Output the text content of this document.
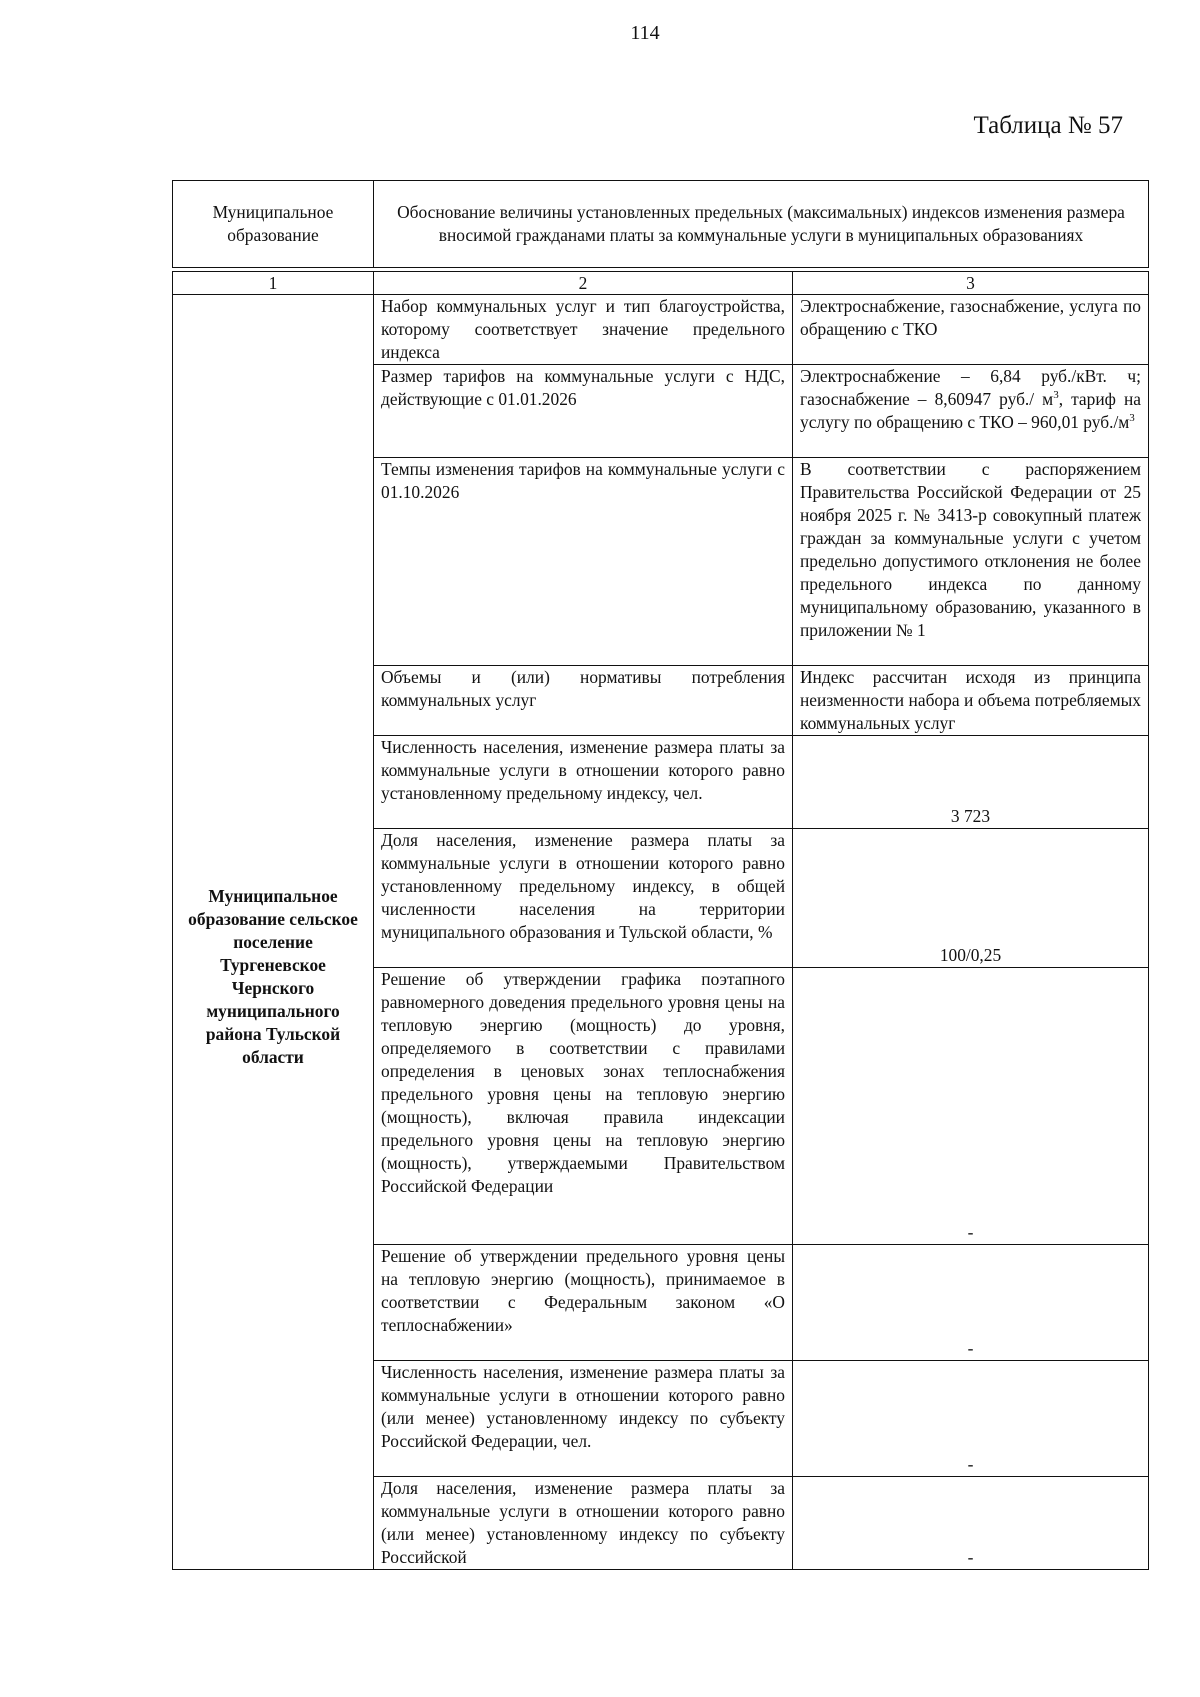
114
Таблица № 57
Муниципальное образование	Обоснование величины установленных предельных (максимальных) индексов изменения размера вносимой гражданами платы за коммунальные услуги в муниципальных образованиях
1	2	3
Муниципальное образование сельское поселение Тургеневское Чернского муниципального района Тульской области	Набор коммунальных услуг и тип благоустройства, которому соответствует значение предельного индекса	Электроснабжение, газоснабжение, услуга по обращению с ТКО
	Размер тарифов на коммунальные услуги с НДС, действующие с 01.01.2026	Электроснабжение – 6,84 руб./кВт. ч; газоснабжение – 8,60947 руб./ $м^3$, тариф на услугу по обращению с ТКО – 960,01 $руб./м^3$
	Темпы изменения тарифов на коммунальные услуги с 01.10.2026	В соответствии с распоряжением Правительства Российской Федерации от 25 ноября 2025 г. № 3413-р совокупный платеж граждан за коммунальные услуги с учетом предельно допустимого отклонения не более предельного индекса по данному муниципальному образованию, указанного в приложении № 1
	Объемы и (или) нормативы потребления коммунальных услуг	Индекс рассчитан исходя из принципа неизменности набора и объема потребляемых коммунальных услуг
	Численность населения, изменение размера платы за коммунальные услуги в отношении которого равно установленному предельному индексу, чел.	3 723
	Доля населения, изменение размера платы за коммунальные услуги в отношении которого равно установленному предельному индексу, в общей численности населения на территории муниципального образования и Тульской области, %	100/0,25
	Решение об утверждении графика поэтапного равномерного доведения предельного уровня цены на тепловую энергию (мощность) до уровня, определяемого в соответствии с правилами определения в ценовых зонах теплоснабжения предельного уровня цены на тепловую энергию (мощность), включая правила индексации предельного уровня цены на тепловую энергию (мощность), утверждаемыми Правительством Российской Федерации	-
	Решение об утверждении предельного уровня цены на тепловую энергию (мощность), принимаемое в соответствии с Федеральным законом «О теплоснабжении»	-
	Численность населения, изменение размера платы за коммунальные услуги в отношении которого равно (или менее) установленному индексу по субъекту Российской Федерации, чел.	-
	Доля населения, изменение размера платы за коммунальные услуги в отношении которого равно (или менее) установленному индексу по субъекту Российской	-
